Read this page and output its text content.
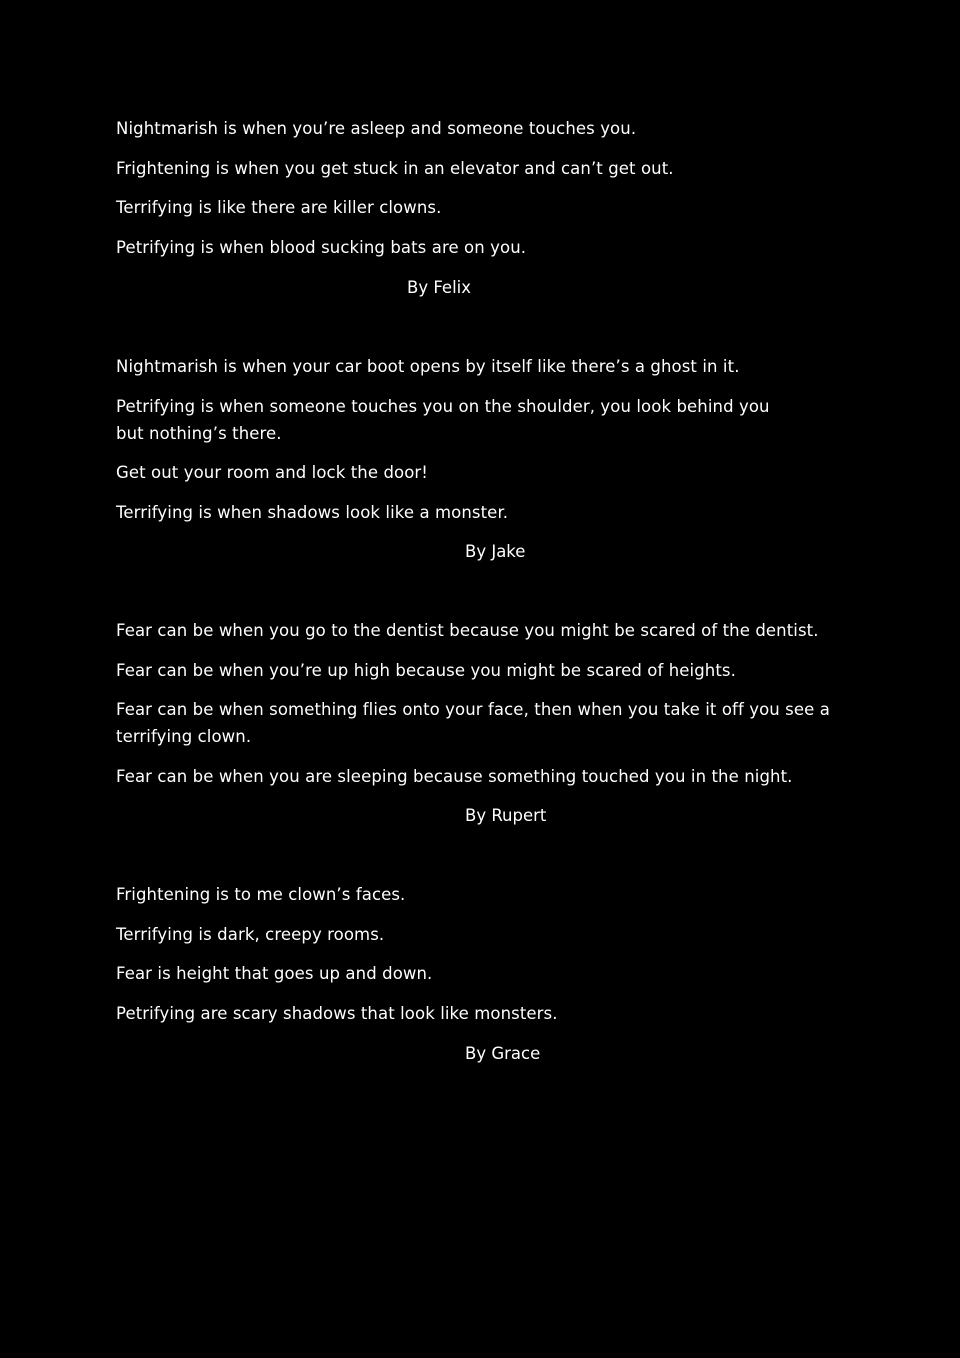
Nightmarish is when you’re asleep and someone touches you.

Frightening is when you get stuck in an elevator and can’t get out.

Terrifying is like there are killer clowns.

Petrifying is when blood sucking bats are on you.

By Felix

Nightmarish is when your car boot opens by itself like there’s a ghost in it.

Petrifying is when someone touches you on the shoulder, you look behind you but nothing’s there.

Get out your room and lock the door!

Terrifying is when shadows look like a monster.

By Jake

Fear can be when you go to the dentist because you might be scared of the dentist.

Fear can be when you’re up high because you might be scared of heights.

Fear can be when something flies onto your face, then when you take it off you see a terrifying clown.

Fear can be when you are sleeping because something touched you in the night.

By Rupert

Frightening is to me clown’s faces.

Terrifying is dark, creepy rooms.

Fear is height that goes up and down.

Petrifying are scary shadows that look like monsters.

By Grace
